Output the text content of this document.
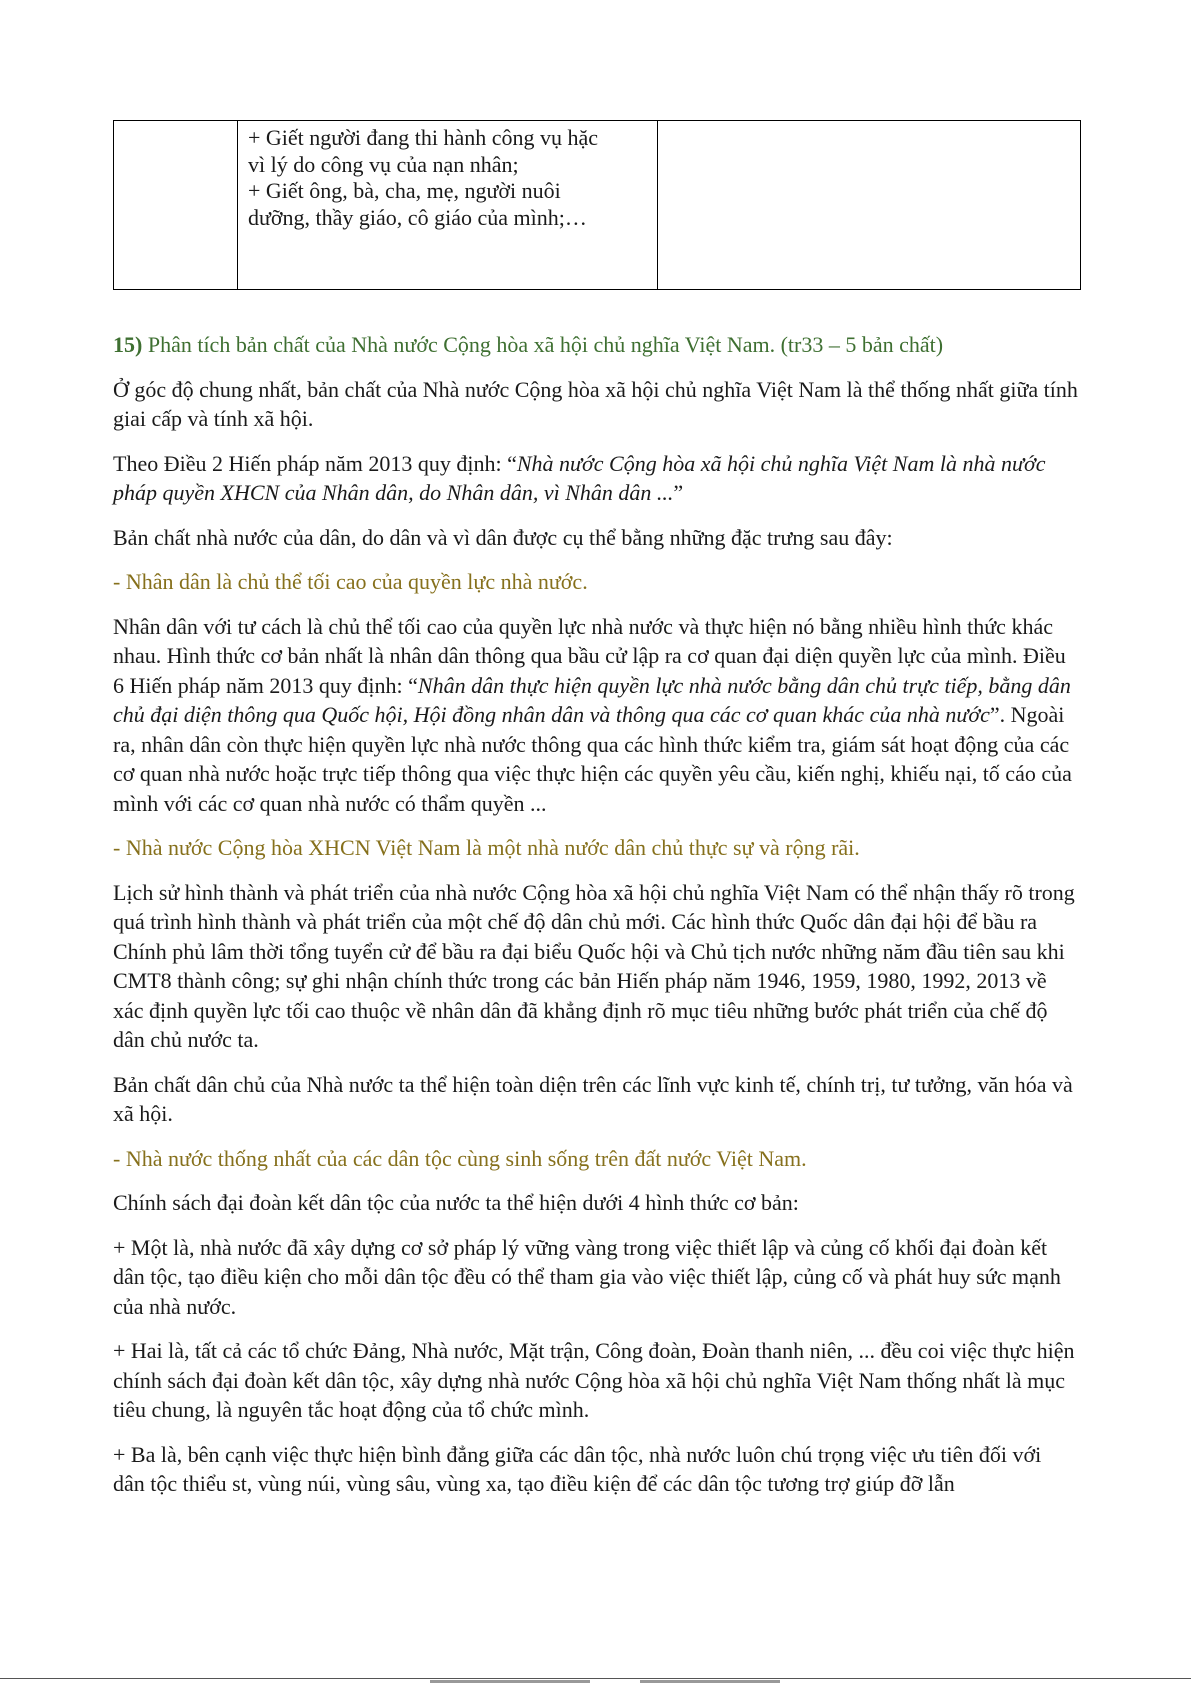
+ Giết người đang thi hành công vụ hặc
vì lý do công vụ của nạn nhân;
+ Giết ông, bà, cha, mẹ, người nuôi
dưỡng, thầy giáo, cô giáo của mình;…

15) Phân tích bản chất của Nhà nước Cộng hòa xã hội chủ nghĩa Việt Nam. (tr33 – 5 bản chất)

Ở góc độ chung nhất, bản chất của Nhà nước Cộng hòa xã hội chủ nghĩa Việt Nam là thể thống nhất giữa tính giai cấp và tính xã hội.

Theo Điều 2 Hiến pháp năm 2013 quy định: “Nhà nước Cộng hòa xã hội chủ nghĩa Việt Nam là nhà nước pháp quyền XHCN của Nhân dân, do Nhân dân, vì Nhân dân ...”

Bản chất nhà nước của dân, do dân và vì dân được cụ thể bằng những đặc trưng sau đây:

- Nhân dân là chủ thể tối cao của quyền lực nhà nước.

Nhân dân với tư cách là chủ thể tối cao của quyền lực nhà nước và thực hiện nó bằng nhiều hình thức khác nhau. Hình thức cơ bản nhất là nhân dân thông qua bầu cử lập ra cơ quan đại diện quyền lực của mình. Điều 6 Hiến pháp năm 2013 quy định: “Nhân dân thực hiện quyền lực nhà nước bằng dân chủ trực tiếp, bằng dân chủ đại diện thông qua Quốc hội, Hội đồng nhân dân và thông qua các cơ quan khác của nhà nước”. Ngoài ra, nhân dân còn thực hiện quyền lực nhà nước thông qua các hình thức kiểm tra, giám sát hoạt động của các cơ quan nhà nước hoặc trực tiếp thông qua việc thực hiện các quyền yêu cầu, kiến nghị, khiếu nại, tố cáo của mình với các cơ quan nhà nước có thẩm quyền ...

- Nhà nước Cộng hòa XHCN Việt Nam là một nhà nước dân chủ thực sự và rộng rãi.

Lịch sử hình thành và phát triển của nhà nước Cộng hòa xã hội chủ nghĩa Việt Nam có thể nhận thấy rõ trong quá trình hình thành và phát triển của một chế độ dân chủ mới. Các hình thức Quốc dân đại hội để bầu ra Chính phủ lâm thời tổng tuyển cử để bầu ra đại biểu Quốc hội và Chủ tịch nước những năm đầu tiên sau khi CMT8 thành công; sự ghi nhận chính thức trong các bản Hiến pháp năm 1946, 1959, 1980, 1992, 2013 về xác định quyền lực tối cao thuộc về nhân dân đã khẳng định rõ mục tiêu những bước phát triển của chế độ dân chủ nước ta.

Bản chất dân chủ của Nhà nước ta thể hiện toàn diện trên các lĩnh vực kinh tế, chính trị, tư tưởng, văn hóa và xã hội.

- Nhà nước thống nhất của các dân tộc cùng sinh sống trên đất nước Việt Nam.

Chính sách đại đoàn kết dân tộc của nước ta thể hiện dưới 4 hình thức cơ bản:

+ Một là, nhà nước đã xây dựng cơ sở pháp lý vững vàng trong việc thiết lập và củng cố khối đại đoàn kết dân tộc, tạo điều kiện cho mỗi dân tộc đều có thể tham gia vào việc thiết lập, củng cố và phát huy sức mạnh của nhà nước.

+ Hai là, tất cả các tổ chức Đảng, Nhà nước, Mặt trận, Công đoàn, Đoàn thanh niên, ... đều coi việc thực hiện chính sách đại đoàn kết dân tộc, xây dựng nhà nước Cộng hòa xã hội chủ nghĩa Việt Nam thống nhất là mục tiêu chung, là nguyên tắc hoạt động của tổ chức mình.

+ Ba là, bên cạnh việc thực hiện bình đẳng giữa các dân tộc, nhà nước luôn chú trọng việc ưu tiên đối với dân tộc thiểu st, vùng núi, vùng sâu, vùng xa, tạo điều kiện để các dân tộc tương trợ giúp đỡ lẫn
